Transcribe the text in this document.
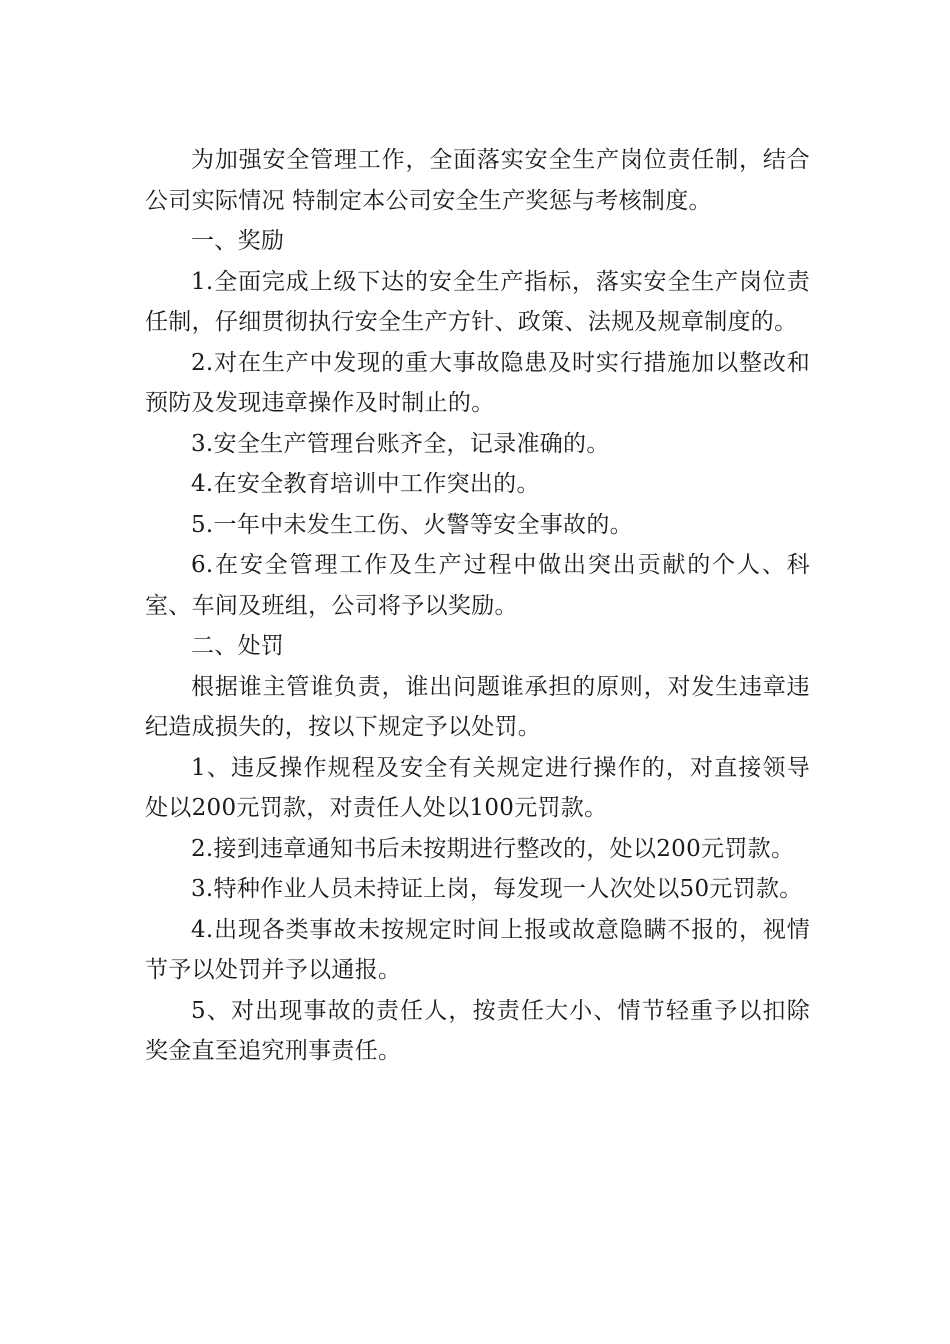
为加强安全管理工作，全面落实安全生产岗位责任制，结合公司实际情况 特制定本公司安全生产奖惩与考核制度。

一、奖励

1.全面完成上级下达的安全生产指标，落实安全生产岗位责任制，仔细贯彻执行安全生产方针、政策、法规及规章制度的。

2.对在生产中发现的重大事故隐患及时实行措施加以整改和预防及发现违章操作及时制止的。

3.安全生产管理台账齐全，记录准确的。

4.在安全教育培训中工作突出的。

5.一年中未发生工伤、火警等安全事故的。

6.在安全管理工作及生产过程中做出突出贡献的个人、科室、车间及班组，公司将予以奖励。

二、处罚

根据谁主管谁负责，谁出问题谁承担的原则，对发生违章违纪造成损失的，按以下规定予以处罚。

1、违反操作规程及安全有关规定进行操作的，对直接领导处以200元罚款，对责任人处以100元罚款。

2.接到违章通知书后未按期进行整改的，处以200元罚款。

3.特种作业人员未持证上岗，每发现一人次处以50元罚款。

4.出现各类事故未按规定时间上报或故意隐瞒不报的，视情节予以处罚并予以通报。

5、对出现事故的责任人，按责任大小、情节轻重予以扣除奖金直至追究刑事责任。
